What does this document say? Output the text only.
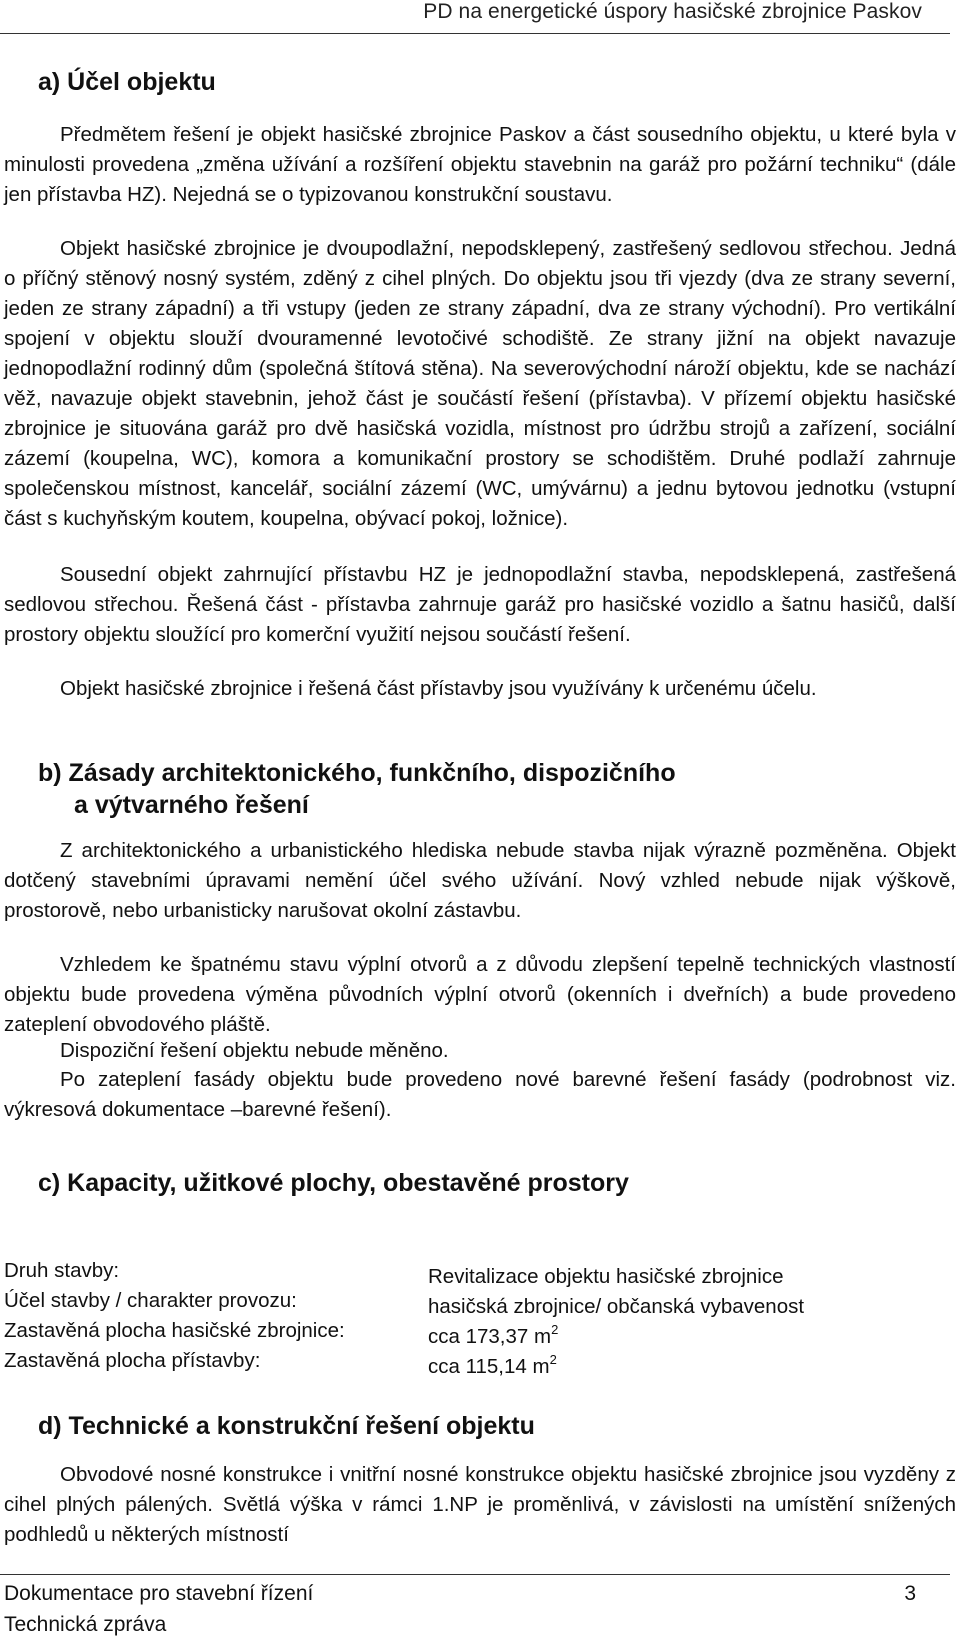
PD na energetické úspory hasičské zbrojnice Paskov
a) Účel objektu
Předmětem řešení je objekt hasičské zbrojnice Paskov a část sousedního objektu, u které byla v minulosti provedena „změna užívání a rozšíření objektu stavebnin na garáž pro požární techniku“ (dále jen přístavba HZ). Nejedná se o typizovanou konstrukční soustavu.
Objekt hasičské zbrojnice je dvoupodlažní, nepodsklepený, zastřešený sedlovou střechou. Jedná o příčný stěnový nosný systém, zděný z cihel plných. Do objektu jsou tři vjezdy (dva ze strany severní, jeden ze strany západní) a tři vstupy (jeden ze strany západní, dva ze strany východní). Pro vertikální spojení v objektu slouží dvouramenné levotočivé schodiště. Ze strany jižní na objekt navazuje jednopodlažní rodinný dům (společná štítová stěna). Na severovýchodní nároží objektu, kde se nachází věž, navazuje objekt stavebnin, jehož část je součástí řešení (přístavba). V přízemí objektu hasičské zbrojnice je situována garáž pro dvě hasičská vozidla, místnost pro údržbu strojů a zařízení, sociální zázemí (koupelna, WC), komora a komunikační prostory se schodištěm. Druhé podlaží zahrnuje společenskou místnost, kancelář, sociální zázemí (WC, umývárnu) a jednu bytovou jednotku (vstupní část s kuchyňským koutem, koupelna, obývací pokoj, ložnice).
Sousední objekt zahrnující přístavbu HZ je jednopodlažní stavba, nepodsklepená, zastřešená sedlovou střechou. Řešená část - přístavba zahrnuje garáž pro hasičské vozidlo a šatnu hasičů, další prostory objektu sloužící pro komerční využití nejsou součástí řešení.
Objekt hasičské zbrojnice i řešená část přístavby jsou využívány k určenému účelu.
b) Zásady architektonického, funkčního, dispozičního
a výtvarného řešení
Z architektonického a urbanistického hlediska nebude stavba nijak výrazně pozměněna. Objekt dotčený stavebními úpravami nemění účel svého užívání. Nový vzhled nebude nijak výškově, prostorově, nebo urbanisticky narušovat okolní zástavbu.
Vzhledem ke špatnému stavu výplní otvorů a z důvodu zlepšení tepelně technických vlastností objektu bude provedena výměna původních výplní otvorů (okenních i dveřních) a bude provedeno zateplení obvodového pláště.
Dispoziční řešení objektu nebude měněno.
Po zateplení fasády objektu bude provedeno nové barevné řešení fasády (podrobnost viz. výkresová dokumentace –barevné řešení).
c) Kapacity, užitkové plochy, obestavěné prostory
Druh stavby:	Revitalizace objektu hasičské zbrojnice
Účel stavby / charakter provozu:	hasičská zbrojnice/ občanská vybavenost
Zastavěná plocha hasičské zbrojnice:	cca 173,37 $m^2$
Zastavěná plocha přístavby:	cca 115,14 $m^2$
d) Technické a konstrukční řešení objektu
Obvodové nosné konstrukce i vnitřní nosné konstrukce objektu hasičské zbrojnice jsou vyzděny z cihel plných pálených. Světlá výška v rámci 1.NP je proměnlivá, v závislosti na umístění snížených podhledů u některých místností
Dokumentace pro stavební řízení
Technická zpráva
3
